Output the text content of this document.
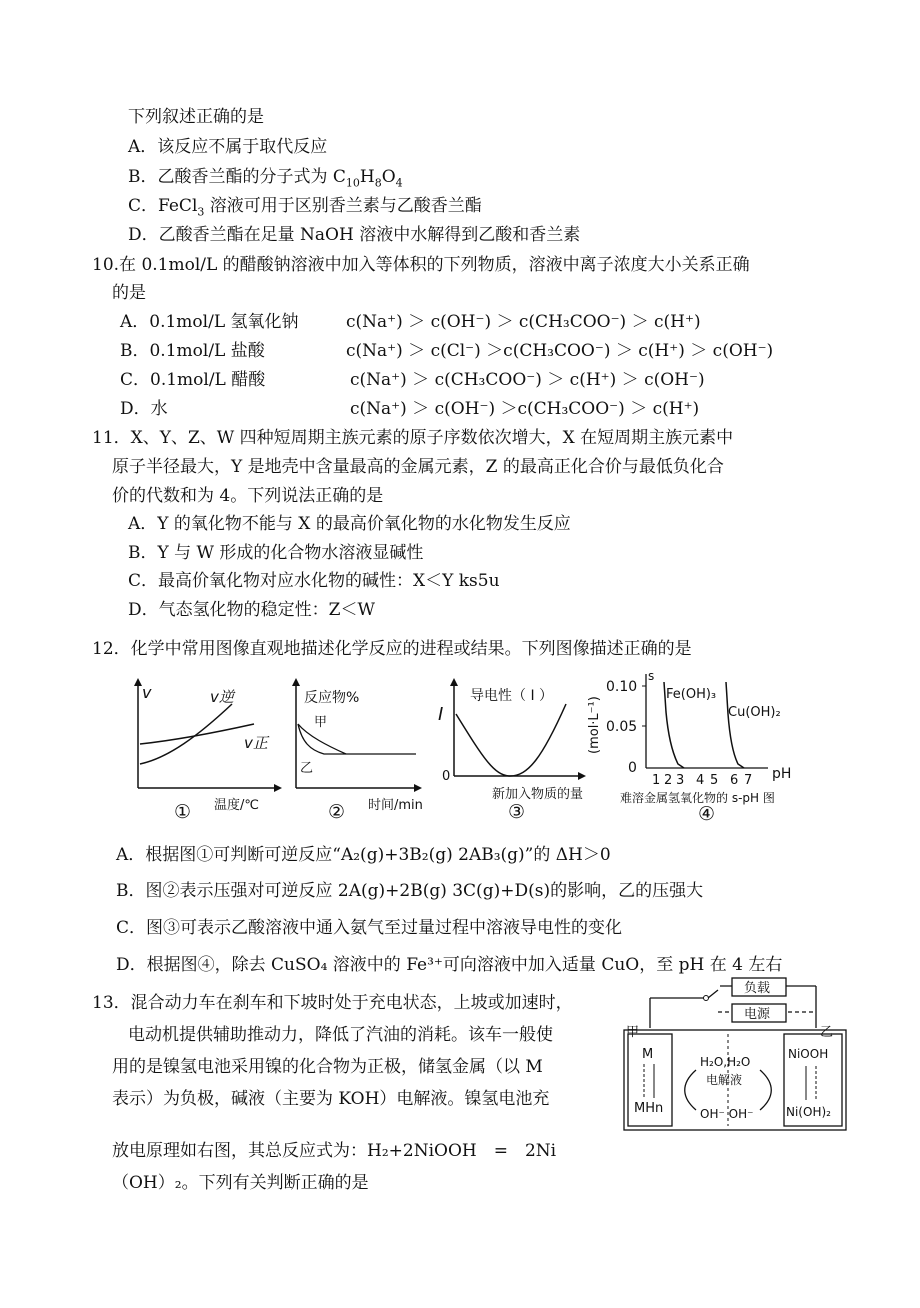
下列叙述正确的是
A．该反应不属于取代反应
B．乙酸香兰酯的分子式为 $C_{10}H_8O_4$
C．FeCl$_3$ 溶液可用于区别香兰素与乙酸香兰酯
D．乙酸香兰酯在足量 NaOH 溶液中水解得到乙酸和香兰素
10.在 0.1mol/L 的醋酸钠溶液中加入等体积的下列物质，溶液中离子浓度大小关系正确
的是
A．0.1mol/L 氢氧化钠	c(Na⁺) ＞ c(OH⁻) ＞ c(CH₃COO⁻) ＞ c(H⁺)
B．0.1mol/L 盐酸	c(Na⁺) ＞ c(Cl⁻) ＞c(CH₃COO⁻) ＞ c(H⁺) ＞ c(OH⁻)
C．0.1mol/L 醋酸	c(Na⁺) ＞ c(CH₃COO⁻) ＞ c(H⁺) ＞ c(OH⁻)
D．水	c(Na⁺) ＞ c(OH⁻) ＞c(CH₃COO⁻) ＞ c(H⁺)
11．X、Y、Z、W 四种短周期主族元素的原子序数依次增大，X 在短周期主族元素中
原子半径最大，Y 是地壳中含量最高的金属元素，Z 的最高正化合价与最低负化合
价的代数和为 4。下列说法正确的是
A．Y 的氧化物不能与 X 的最高价氧化物的水化物发生反应
B．Y 与 W 形成的化合物水溶液显碱性
C．最高价氧化物对应水化物的碱性：X＜Y ks5u
D．气态氢化物的稳定性：Z＜W
12．化学中常用图像直观地描述化学反应的进程或结果。下列图像描述正确的是
v	v逆
v正
温度/℃
①
反应物%
甲
乙
时间/min
②
I
导电性（ I ）
0
新加入物质的量
③
(mol·L⁻¹)
s
0.10
0.05
0
Fe(OH)₃
Cu(OH)₂
1 2 3 4 5 6 7 pH
难溶金属氢氧化物的 s-pH 图
④
A．根据图①可判断可逆反应“A₂(g)+3B₂(g) 2AB₃(g)”的 ΔH＞0
B．图②表示压强对可逆反应 2A(g)+2B(g) 3C(g)+D(s)的影响，乙的压强大
C．图③可表示乙酸溶液中通入氨气至过量过程中溶液导电性的变化
D．根据图④，除去 CuSO₄ 溶液中的 Fe³⁺可向溶液中加入适量 CuO，至 pH 在 4 左右
13．混合动力车在刹车和下坡时处于充电状态，上坡或加速时，
电动机提供辅助推动力，降低了汽油的消耗。该车一般使
用的是镍氢电池采用镍的化合物为正极，储氢金属（以 M
表示）为负极，碱液（主要为 KOH）电解液。镍氢电池充
放电原理如右图，其总反应式为：H₂+2NiOOH　=　2Ni
（OH）₂。下列有关判断正确的是
负载
电源
甲	乙
M
MHn
NiOOH
Ni(OH)₂
H₂O,H₂O
电解液
OH⁻ OH⁻
